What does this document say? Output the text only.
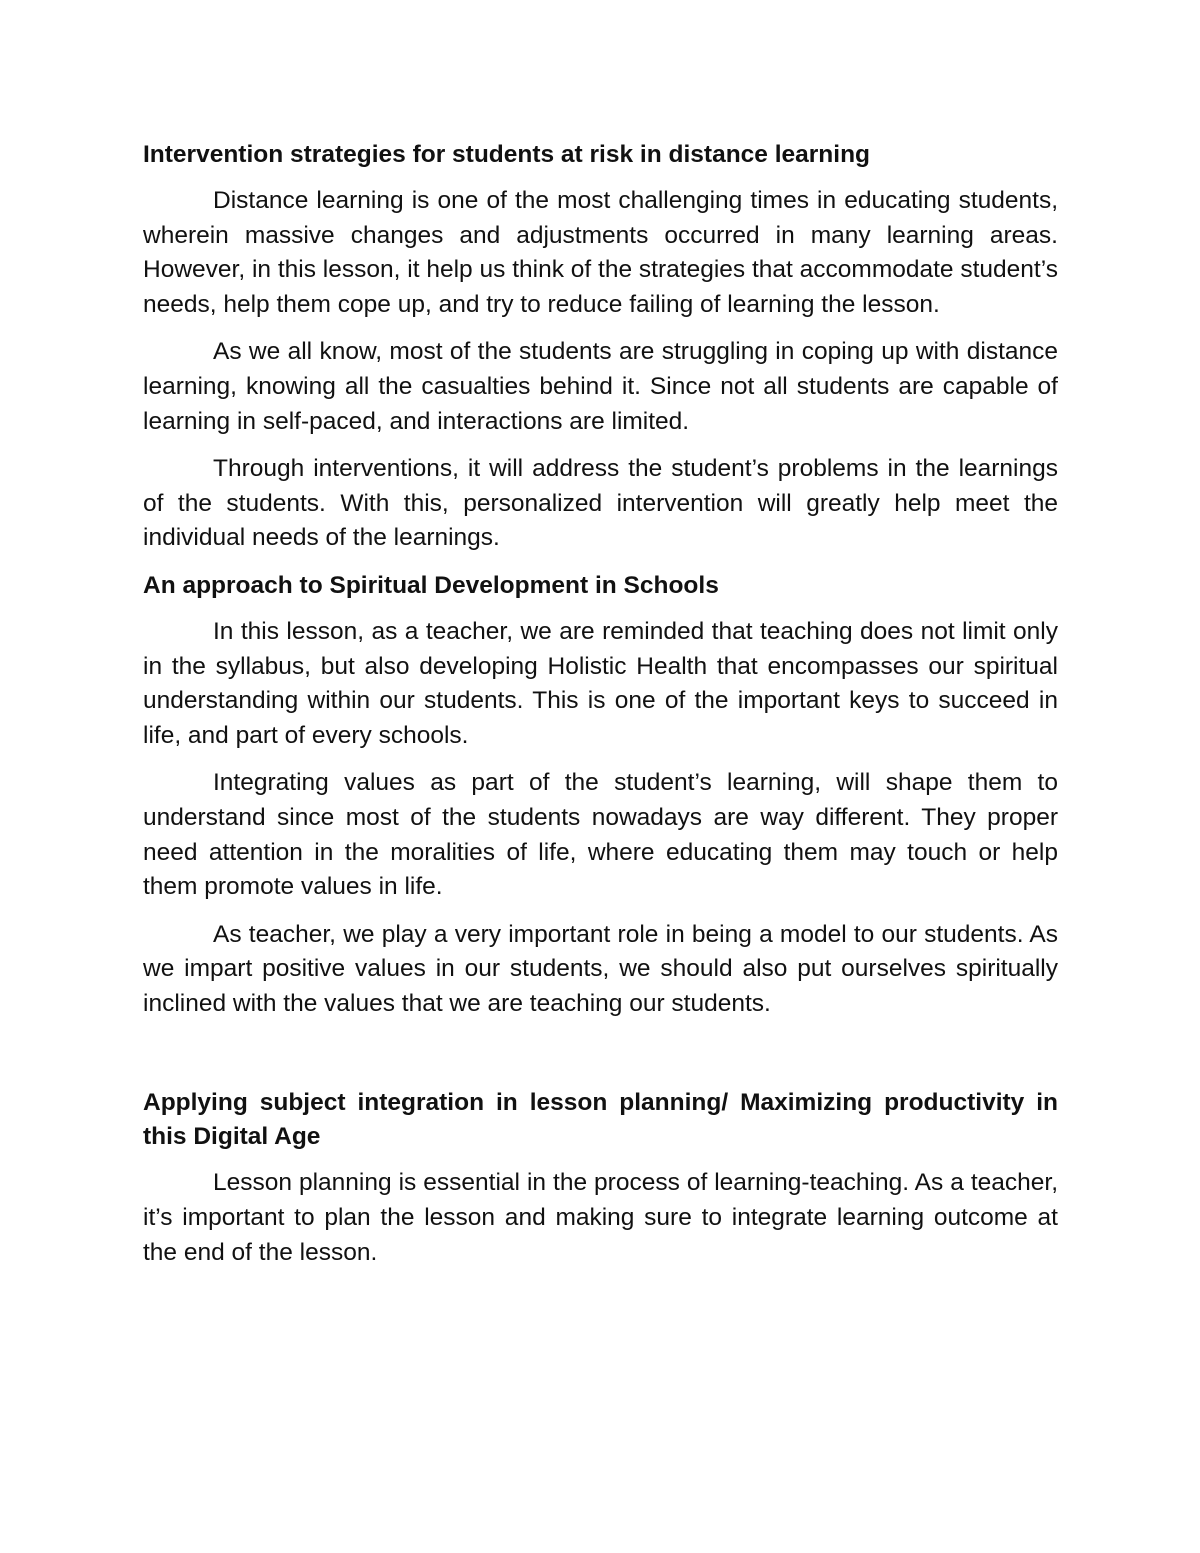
Intervention strategies for students at risk in distance learning

Distance learning is one of the most challenging times in educating students, wherein massive changes and adjustments occurred in many learning areas. However, in this lesson, it help us think of the strategies that accommodate student’s needs, help them cope up, and try to reduce failing of learning the lesson.

As we all know, most of the students are struggling in coping up with distance learning, knowing all the casualties behind it. Since not all students are capable of learning in self-paced, and interactions are limited.

Through interventions, it will address the student’s problems in the learnings of the students. With this, personalized intervention will greatly help meet the individual needs of the learnings.

An approach to Spiritual Development in Schools

In this lesson, as a teacher, we are reminded that teaching does not limit only in the syllabus, but also developing Holistic Health that encompasses our spiritual understanding within our students. This is one of the important keys to succeed in life, and part of every schools.

Integrating values as part of the student’s learning, will shape them to understand since most of the students nowadays are way different. They proper need attention in the moralities of life, where educating them may touch or help them promote values in life.

As teacher, we play a very important role in being a model to our students. As we impart positive values in our students, we should also put ourselves spiritually inclined with the values that we are teaching our students.

Applying subject integration in lesson planning/ Maximizing productivity in this Digital Age

Lesson planning is essential in the process of learning-teaching. As a teacher, it’s important to plan the lesson and making sure to integrate learning outcome at the end of the lesson.
